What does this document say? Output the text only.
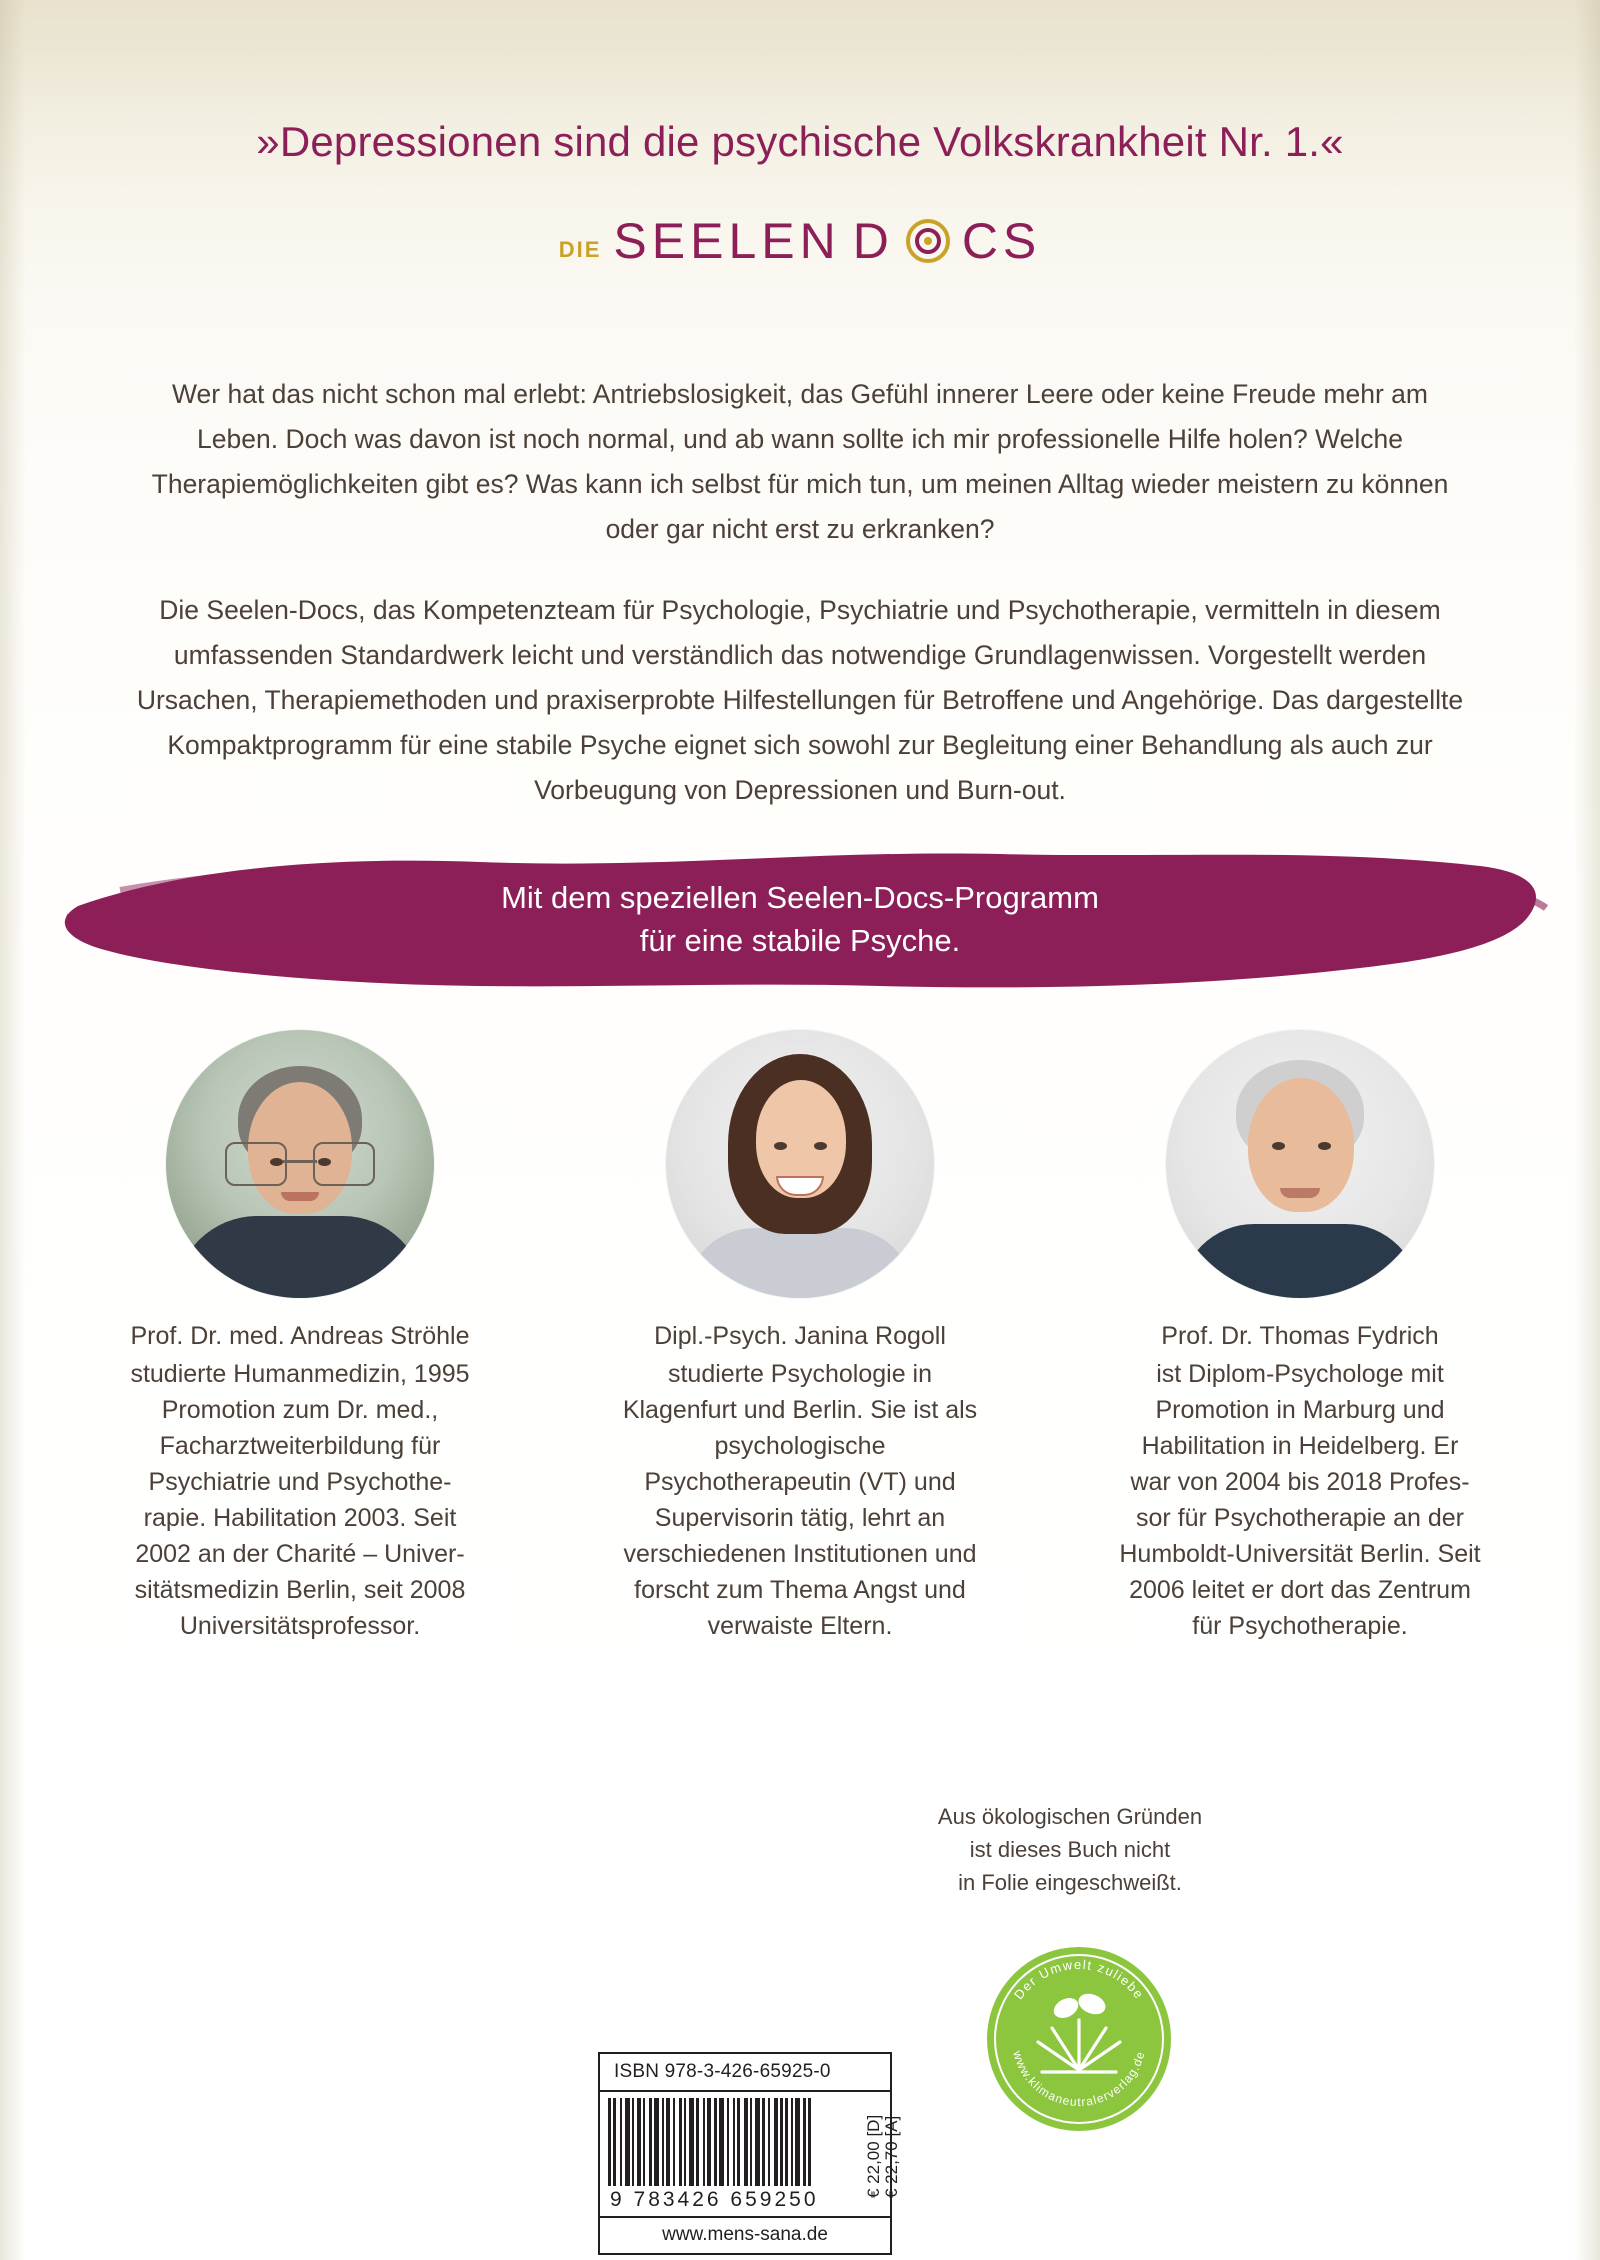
»Depressionen sind die psychische Volkskrankheit Nr. 1.«
DIE SEELEN D CS
Wer hat das nicht schon mal erlebt: Antriebslosigkeit, das Gefühl innerer Leere oder keine Freude mehr am Leben. Doch was davon ist noch normal, und ab wann sollte ich mir professionelle Hilfe holen? Welche Therapiemöglichkeiten gibt es? Was kann ich selbst für mich tun, um meinen Alltag wieder meistern zu können oder gar nicht erst zu erkranken?
Die Seelen-Docs, das Kompetenzteam für Psychologie, Psychiatrie und Psychotherapie, vermitteln in diesem umfassenden Standardwerk leicht und verständlich das notwendige Grundlagenwissen. Vorgestellt werden Ursachen, Therapiemethoden und praxiserprobte Hilfestellungen für Betroffene und Angehörige. Das dargestellte Kompaktprogramm für eine stabile Psyche eignet sich sowohl zur Begleitung einer Behandlung als auch zur Vorbeugung von Depressionen und Burn-out.
Mit dem speziellen Seelen-Docs-Programm
für eine stabile Psyche.
Prof. Dr. med. Andreas Ströhle
studierte Humanmedizin, 1995 Promotion zum Dr. med., Facharztweiterbildung für Psychiatrie und Psychothe-rapie. Habilitation 2003. Seit 2002 an der Charité – Univer-sitätsmedizin Berlin, seit 2008 Universitätsprofessor.
Dipl.-Psych. Janina Rogoll
studierte Psychologie in Klagenfurt und Berlin. Sie ist als psychologische Psychotherapeutin (VT) und Supervisorin tätig, lehrt an verschiedenen Institutionen und forscht zum Thema Angst und verwaiste Eltern.
Prof. Dr. Thomas Fydrich
ist Diplom-Psychologe mit Promotion in Marburg und Habilitation in Heidelberg. Er war von 2004 bis 2018 Profes-sor für Psychotherapie an der Humboldt-Universität Berlin. Seit 2006 leitet er dort das Zentrum für Psychotherapie.
Aus ökologischen Gründen
ist dieses Buch nicht
in Folie eingeschweißt.
Der Umwelt zuliebe
www.klimaneutralerverlag.de
ISBN 978-3-426-65925-0
9 783426 659250
€ 22,00 [D] € 22,70 [A]
www.mens-sana.de
